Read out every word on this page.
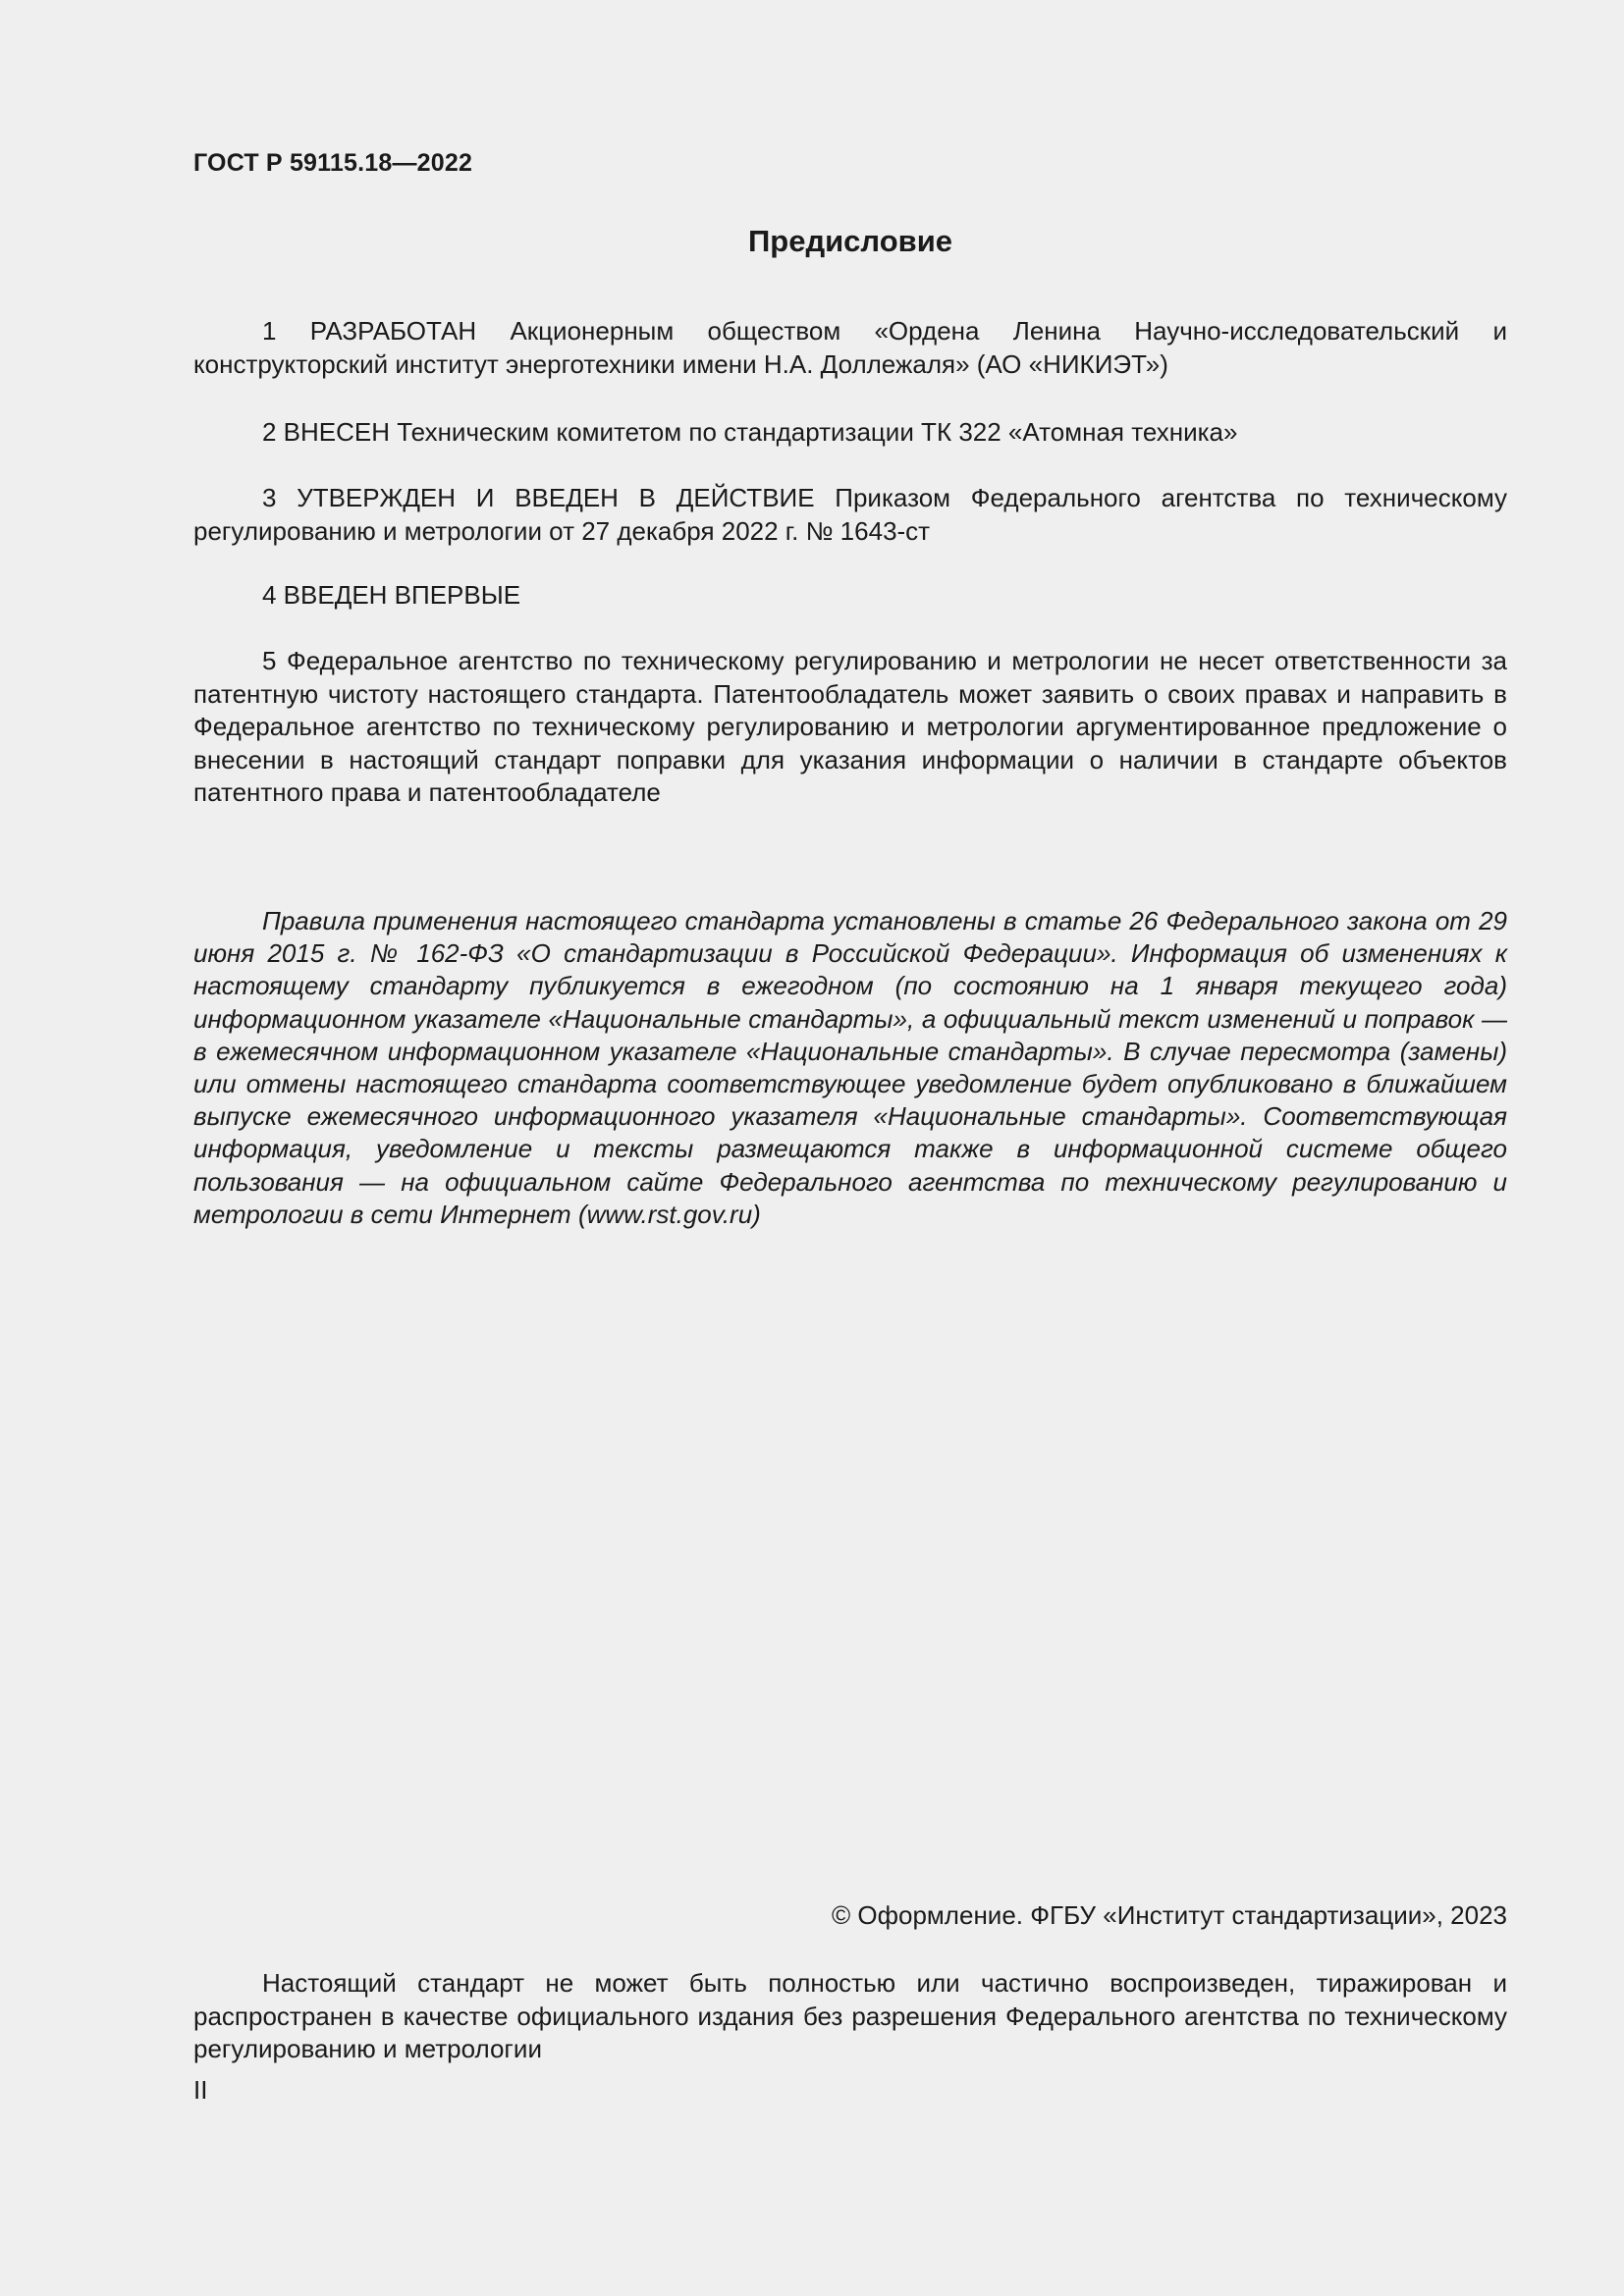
ГОСТ Р 59115.18—2022
Предисловие

1 РАЗРАБОТАН Акционерным обществом «Ордена Ленина Научно-исследовательский и конструкторский институт энерготехники имени Н.А. Доллежаля» (АО «НИКИЭТ»)

2 ВНЕСЕН Техническим комитетом по стандартизации ТК 322 «Атомная техника»

3 УТВЕРЖДЕН И ВВЕДЕН В ДЕЙСТВИЕ Приказом Федерального агентства по техническому регулированию и метрологии от 27 декабря 2022 г. № 1643-ст

4 ВВЕДЕН ВПЕРВЫЕ

5 Федеральное агентство по техническому регулированию и метрологии не несет ответственности за патентную чистоту настоящего стандарта. Патентообладатель может заявить о своих правах и направить в Федеральное агентство по техническому регулированию и метрологии аргументированное предложение о внесении в настоящий стандарт поправки для указания информации о наличии в стандарте объектов патентного права и патентообладателе

Правила применения настоящего стандарта установлены в статье 26 Федерального закона от 29 июня 2015 г. № 162-ФЗ «О стандартизации в Российской Федерации». Информация об изменениях к настоящему стандарту публикуется в ежегодном (по состоянию на 1 января текущего года) информационном указателе «Национальные стандарты», а официальный текст изменений и поправок — в ежемесячном информационном указателе «Национальные стандарты». В случае пересмотра (замены) или отмены настоящего стандарта соответствующее уведомление будет опубликовано в ближайшем выпуске ежемесячного информационного указателя «Национальные стандарты». Соответствующая информация, уведомление и тексты размещаются также в информационной системе общего пользования — на официальном сайте Федерального агентства по техническому регулированию и метрологии в сети Интернет (www.rst.gov.ru)

© Оформление. ФГБУ «Институт стандартизации», 2023

Настоящий стандарт не может быть полностью или частично воспроизведен, тиражирован и распространен в качестве официального издания без разрешения Федерального агентства по техническому регулированию и метрологии

II
